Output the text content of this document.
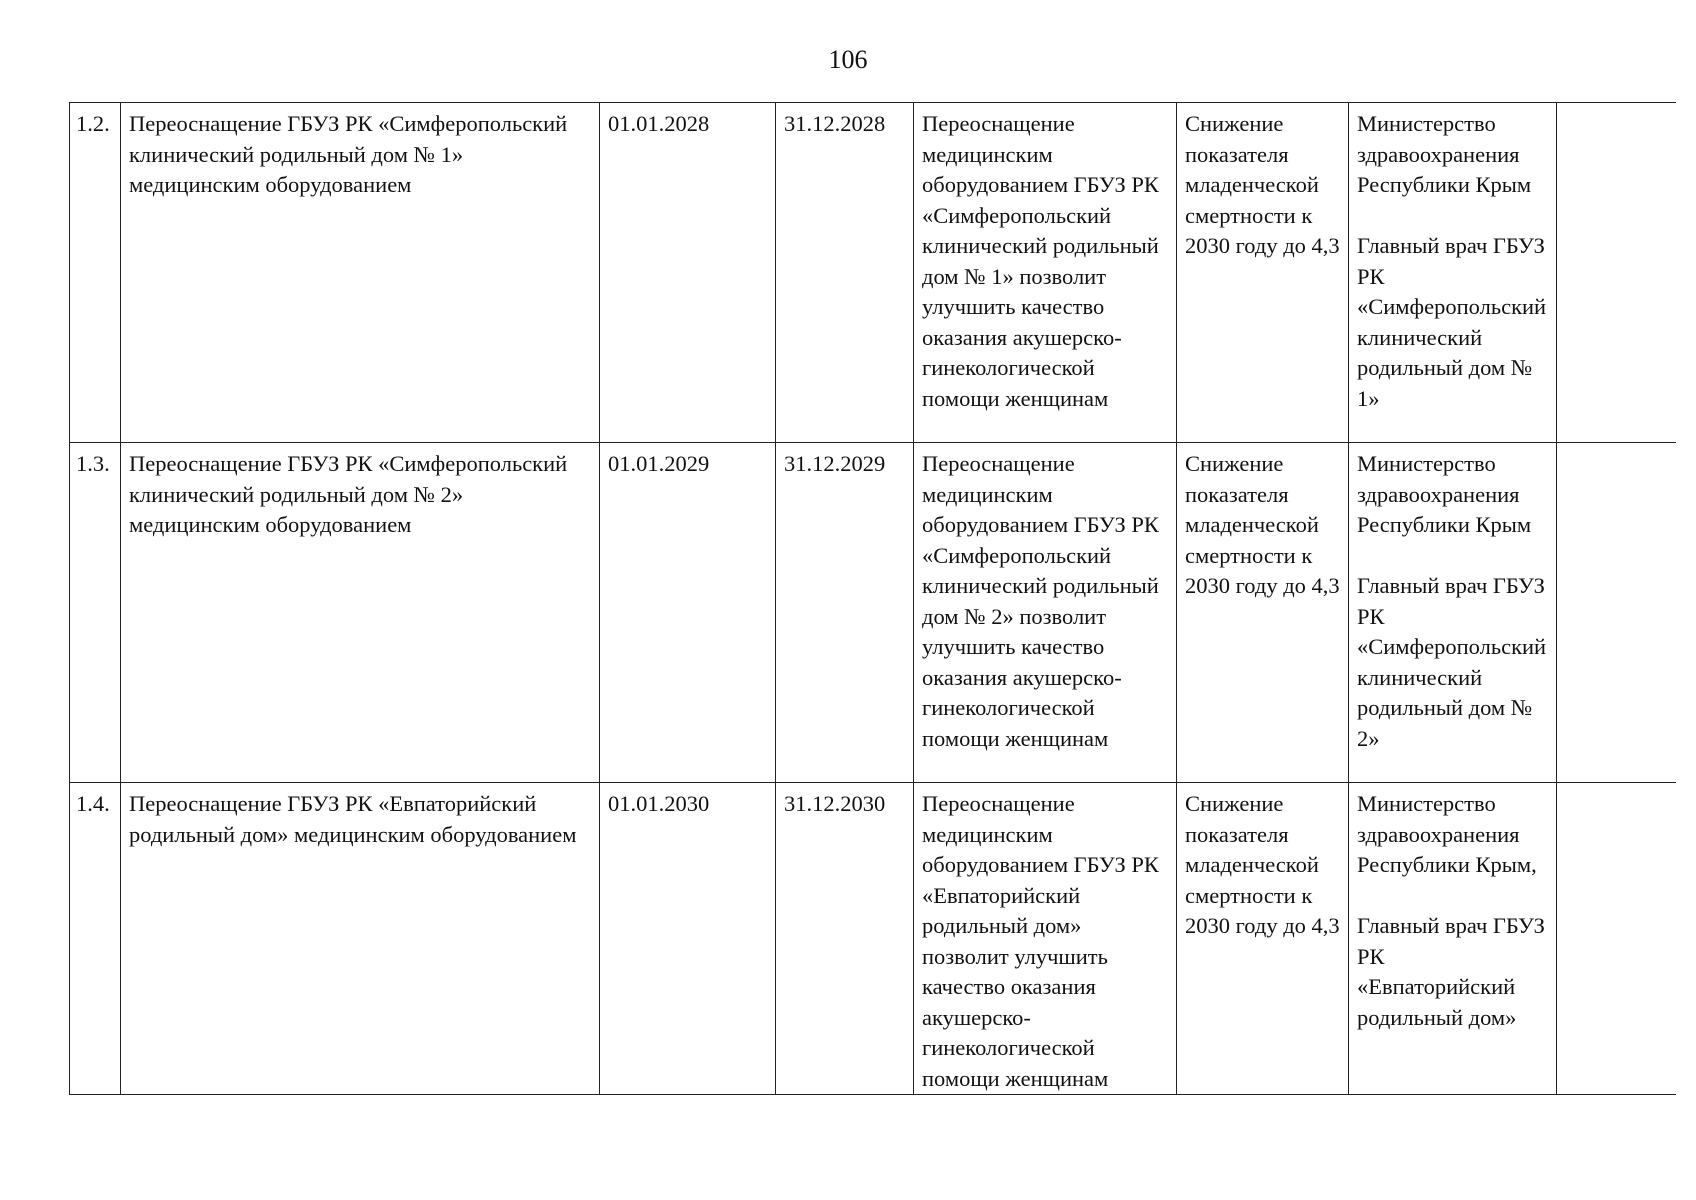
106
1.2.	Переоснащение ГБУЗ РК «Симферопольский клинический родильный дом № 1» медицинским оборудованием	01.01.2028	31.12.2028	Переоснащение медицинским оборудованием ГБУЗ РК «Симферопольский клинический родильный дом № 1» позволит улучшить качество оказания акушерско-гинекологической помощи женщинам	Снижение показателя младенческой смертности к 2030 году до 4,3	Министерство здравоохранения Республики Крым
Главный врач ГБУЗ РК «Симферопольский клинический родильный дом № 1»	
1.3.	Переоснащение ГБУЗ РК «Симферопольский клинический родильный дом № 2» медицинским оборудованием	01.01.2029	31.12.2029	Переоснащение медицинским оборудованием ГБУЗ РК «Симферопольский клинический родильный дом № 2» позволит улучшить качество оказания акушерско-гинекологической помощи женщинам	Снижение показателя младенческой смертности к 2030 году до 4,3	Министерство здравоохранения Республики Крым
Главный врач ГБУЗ РК «Симферопольский клинический родильный дом № 2»	
1.4.	Переоснащение ГБУЗ РК «Евпаторийский родильный дом» медицинским оборудованием	01.01.2030	31.12.2030	Переоснащение медицинским оборудованием ГБУЗ РК «Евпаторийский родильный дом» позволит улучшить качество оказания акушерско-гинекологической помощи женщинам	Снижение показателя младенческой смертности к 2030 году до 4,3	Министерство здравоохранения Республики Крым,
Главный врач ГБУЗ РК «Евпаторийский родильный дом»	
